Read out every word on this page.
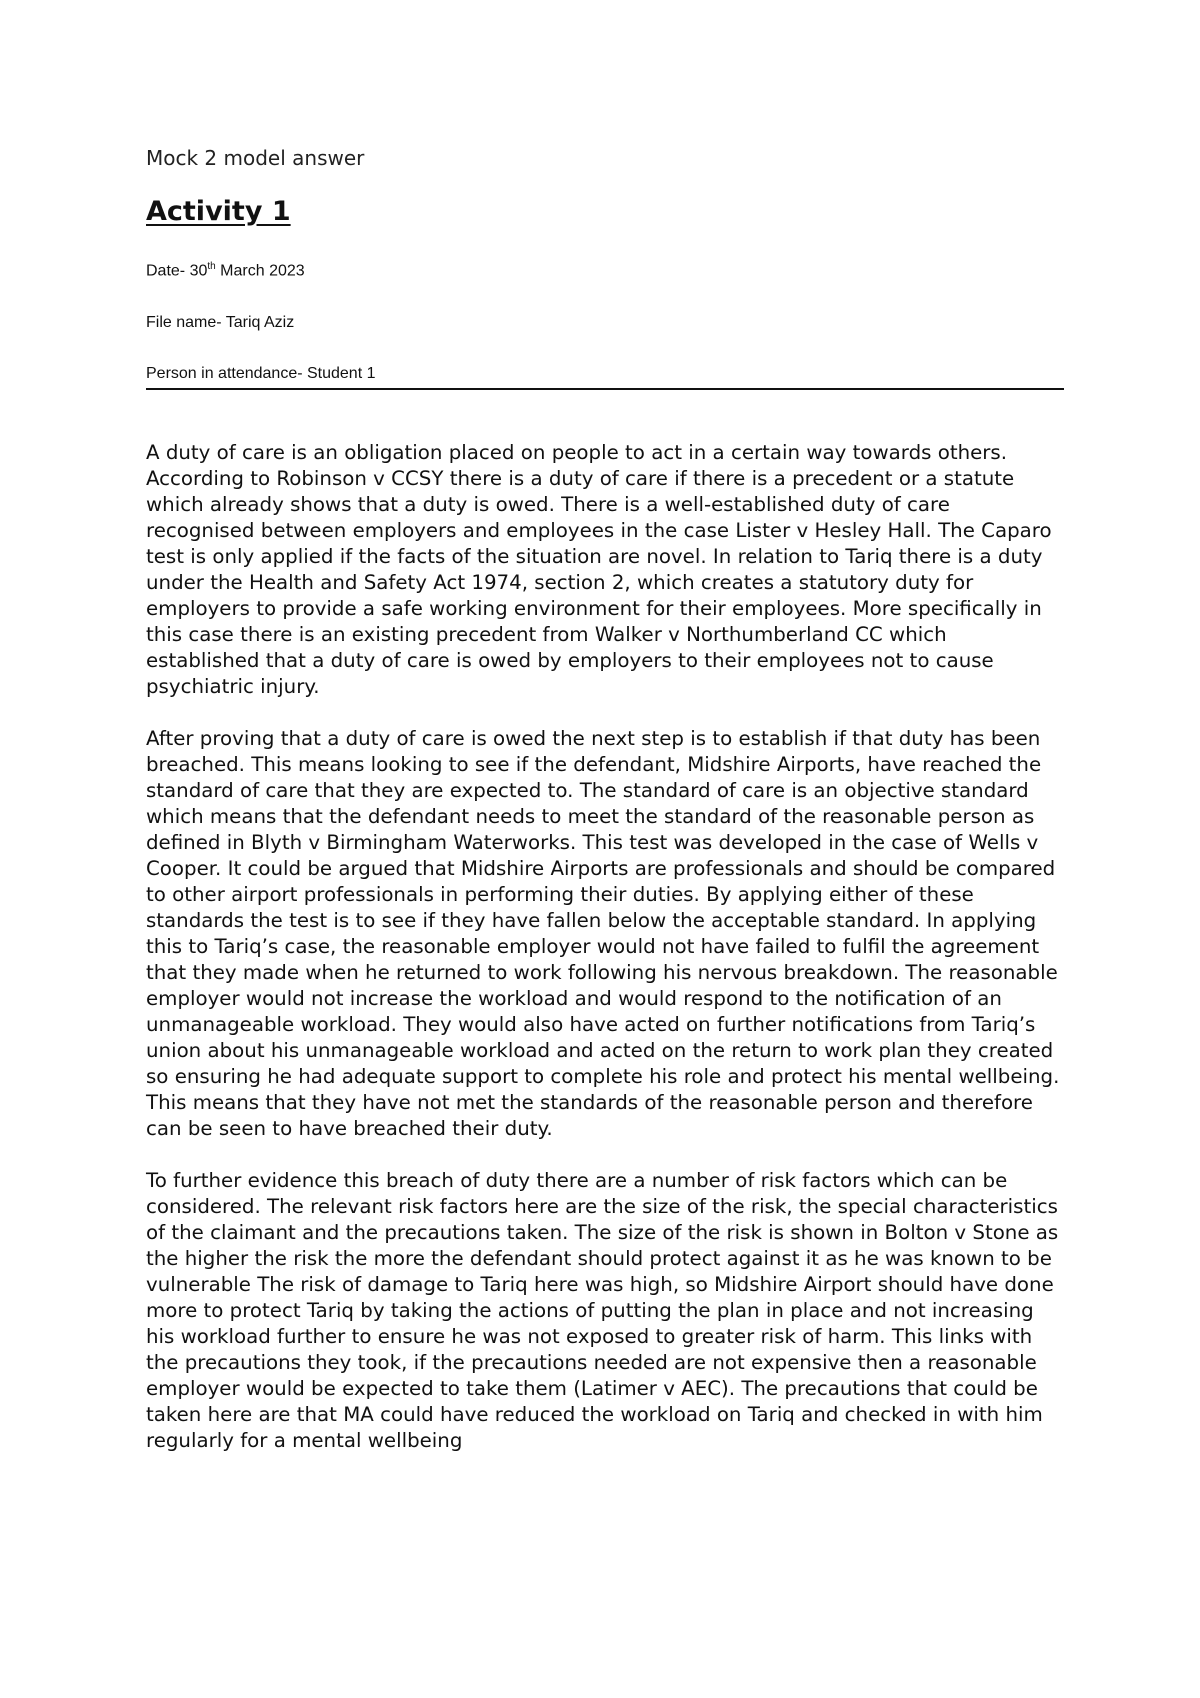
Mock 2 model answer
Activity 1
Date- 30th March 2023
File name- Tariq Aziz
Person in attendance- Student 1

A duty of care is an obligation placed on people to act in a certain way towards others. According to Robinson v CCSY there is a duty of care if there is a precedent or a statute which already shows that a duty is owed. There is a well-established duty of care recognised between employers and employees in the case Lister v Hesley Hall. The Caparo test is only applied if the facts of the situation are novel. In relation to Tariq there is a duty under the Health and Safety Act 1974, section 2, which creates a statutory duty for employers to provide a safe working environment for their employees. More specifically in this case there is an existing precedent from Walker v Northumberland CC which established that a duty of care is owed by employers to their employees not to cause psychiatric injury.

After proving that a duty of care is owed the next step is to establish if that duty has been breached. This means looking to see if the defendant, Midshire Airports, have reached the standard of care that they are expected to. The standard of care is an objective standard which means that the defendant needs to meet the standard of the reasonable person as defined in Blyth v Birmingham Waterworks. This test was developed in the case of Wells v Cooper. It could be argued that Midshire Airports are professionals and should be compared to other airport professionals in performing their duties. By applying either of these standards the test is to see if they have fallen below the acceptable standard. In applying this to Tariq’s case, the reasonable employer would not have failed to fulfil the agreement that they made when he returned to work following his nervous breakdown. The reasonable employer would not increase the workload and would respond to the notification of an unmanageable workload. They would also have acted on further notifications from Tariq’s union about his unmanageable workload and acted on the return to work plan they created so ensuring he had adequate support to complete his role and protect his mental wellbeing. This means that they have not met the standards of the reasonable person and therefore can be seen to have breached their duty.

To further evidence this breach of duty there are a number of risk factors which can be considered. The relevant risk factors here are the size of the risk, the special characteristics of the claimant and the precautions taken. The size of the risk is shown in Bolton v Stone as the higher the risk the more the defendant should protect against it as he was known to be vulnerable The risk of damage to Tariq here was high, so Midshire Airport should have done more to protect Tariq by taking the actions of putting the plan in place and not increasing his workload further to ensure he was not exposed to greater risk of harm. This links with the precautions they took, if the precautions needed are not expensive then a reasonable employer would be expected to take them (Latimer v AEC). The precautions that could be taken here are that MA could have reduced the workload on Tariq and checked in with him regularly for a mental wellbeing
